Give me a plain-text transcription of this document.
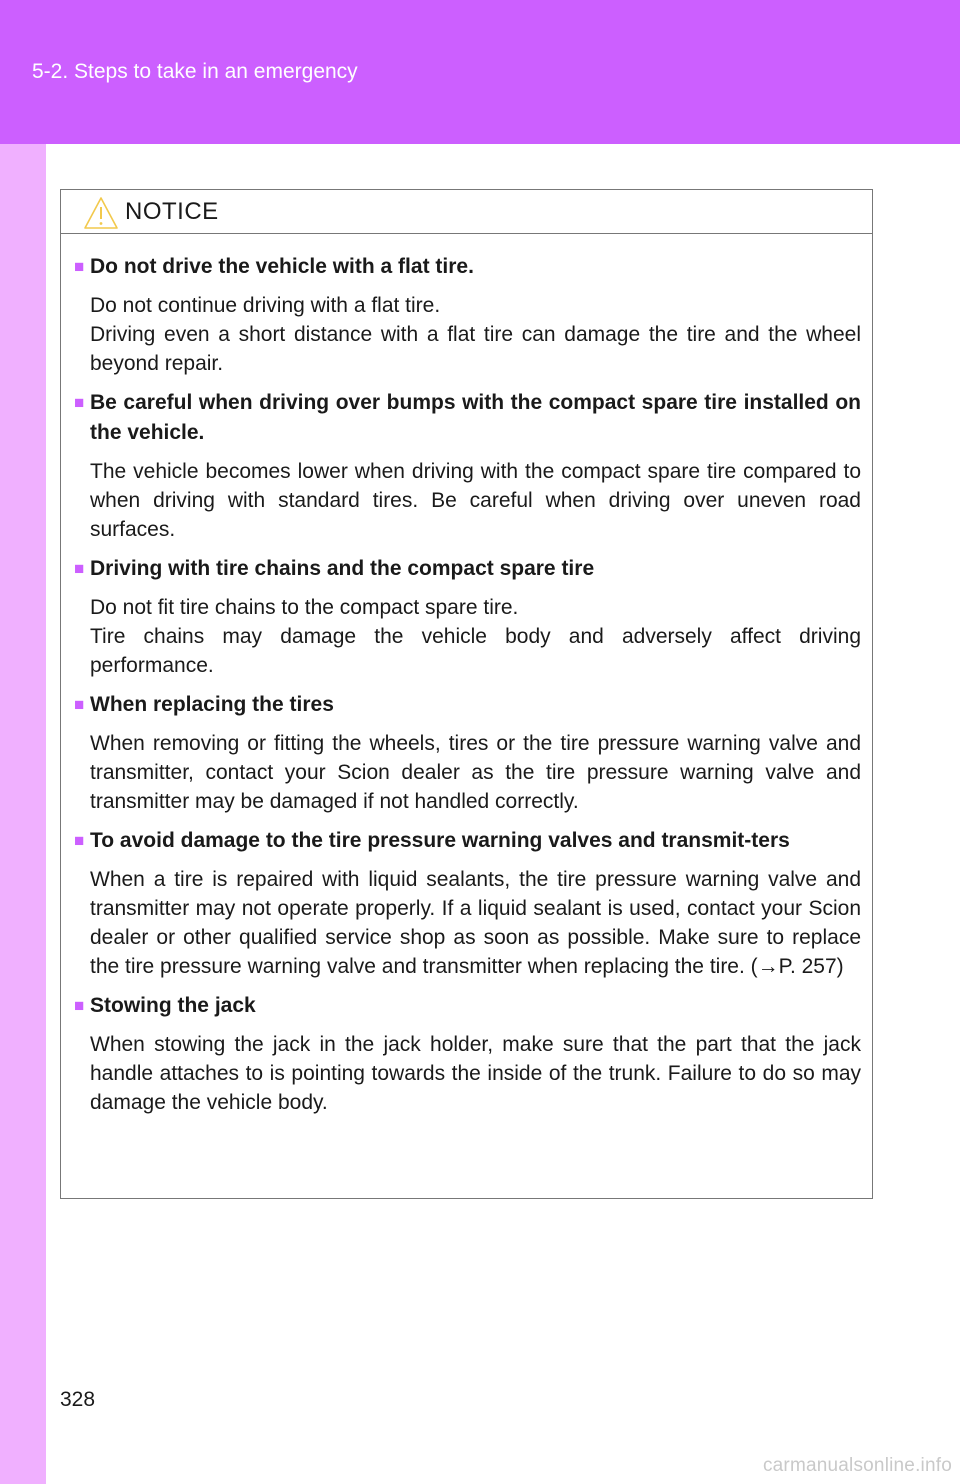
5-2. Steps to take in an emergency
NOTICE
■ Do not drive the vehicle with a flat tire.

Do not continue driving with a flat tire.

Driving even a short distance with a flat tire can damage the tire and the wheel beyond repair.

■ Be careful when driving over bumps with the compact spare tire installed on the vehicle.

The vehicle becomes lower when driving with the compact spare tire compared to when driving with standard tires. Be careful when driving over uneven road surfaces.

■ Driving with tire chains and the compact spare tire

Do not fit tire chains to the compact spare tire.

Tire chains may damage the vehicle body and adversely affect driving performance.

■ When replacing the tires

When removing or fitting the wheels, tires or the tire pressure warning valve and transmitter, contact your Scion dealer as the tire pressure warning valve and transmitter may be damaged if not handled correctly.

■ To avoid damage to the tire pressure warning valves and transmit-ters

When a tire is repaired with liquid sealants, the tire pressure warning valve and transmitter may not operate properly. If a liquid sealant is used, contact your Scion dealer or other qualified service shop as soon as possible. Make sure to replace the tire pressure warning valve and transmitter when replacing the tire. (→P. 257)

■ Stowing the jack

When stowing the jack in the jack holder, make sure that the part that the jack handle attaches to is pointing towards the inside of the trunk. Failure to do so may damage the vehicle body.

328
carmanualsonline.info
